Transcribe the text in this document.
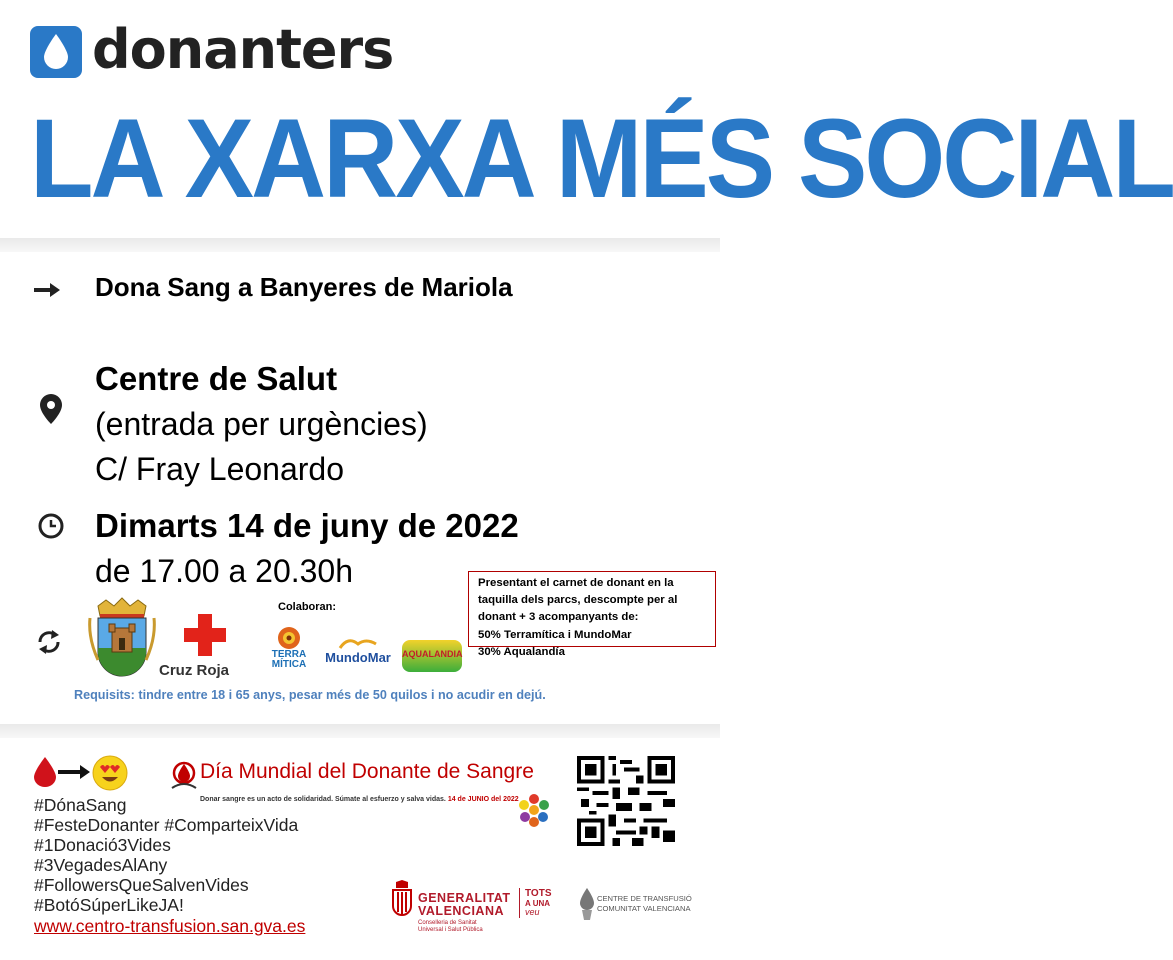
donanters
LA XARXA MÉS SOCIAL
Dona Sang a Banyeres de Mariola
Centre de Salut
(entrada per urgències)
C/ Fray Leonardo
Dimarts 14 de juny de 2022
de 17.00 a 20.30h
Cruz Roja
Colaboran:
TERRA
MÍTICA	MundoMar	AQUALANDIA
Presentant el carnet de donant en la
taquilla dels parcs, descompte per al
donant + 3 acompanyants de:
50% Terramítica i MundoMar
30% Aqualandía
Requisits: tindre entre 18 i 65 anys, pesar més de 50 quilos i no acudir en dejú.
#DónaSang
#FesteDonanter #ComparteixVida
#1Donació3Vides
#3VegadesAlAny
#FollowersQueSalvenVides
#BotóSúperLikeJA!
www.centro-transfusion.san.gva.es
Día Mundial del Donante de Sangre
Donar sangre es un acto de solidaridad. Súmate al esfuerzo y salva vidas. 14 de JUNIO del 2022
GENERALITAT
VALENCIANA
Conselleria de Sanitat
Universal i Salut Pública
TOTS
A UNA
veu
CENTRE DE TRANSFUSIÓ
COMUNITAT VALENCIANA
